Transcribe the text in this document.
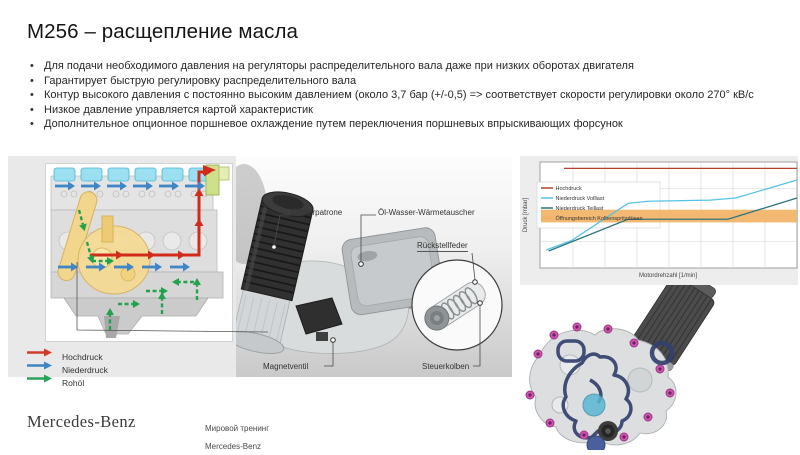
М256 – расщепление масла
• Для подачи необходимого давления на регуляторы распределительного вала даже при низких оборотах двигателя
• Гарантирует быструю регулировку распределительного вала
• Контур высокого давления с постоянно высоким давлением (около 3,7 бар (+/-0,5) => соответствует скорости регулировки около 270° кВ/с
• Низкое давление управляется картой характеристик
• Дополнительное опционное поршневое охлаждение путем переключения поршневых впрыскивающих форсунок
Hochdruck
Niederdruck
Rohöl
Ölfilterpatrone	Öl-Wasser-Wärmetauscher
Rückstellfeder
Magnetventil	Steuerkolben
Hochdruck
Niederdruck Volllast
Niederdruck Teillast
Öffnungsbereich Kolbenspritzdüsen
Motordrehzahl [1/min]
Druck [mbar]
Mercedes-Benz	Мировой тренинг
Mercedes-Benz
